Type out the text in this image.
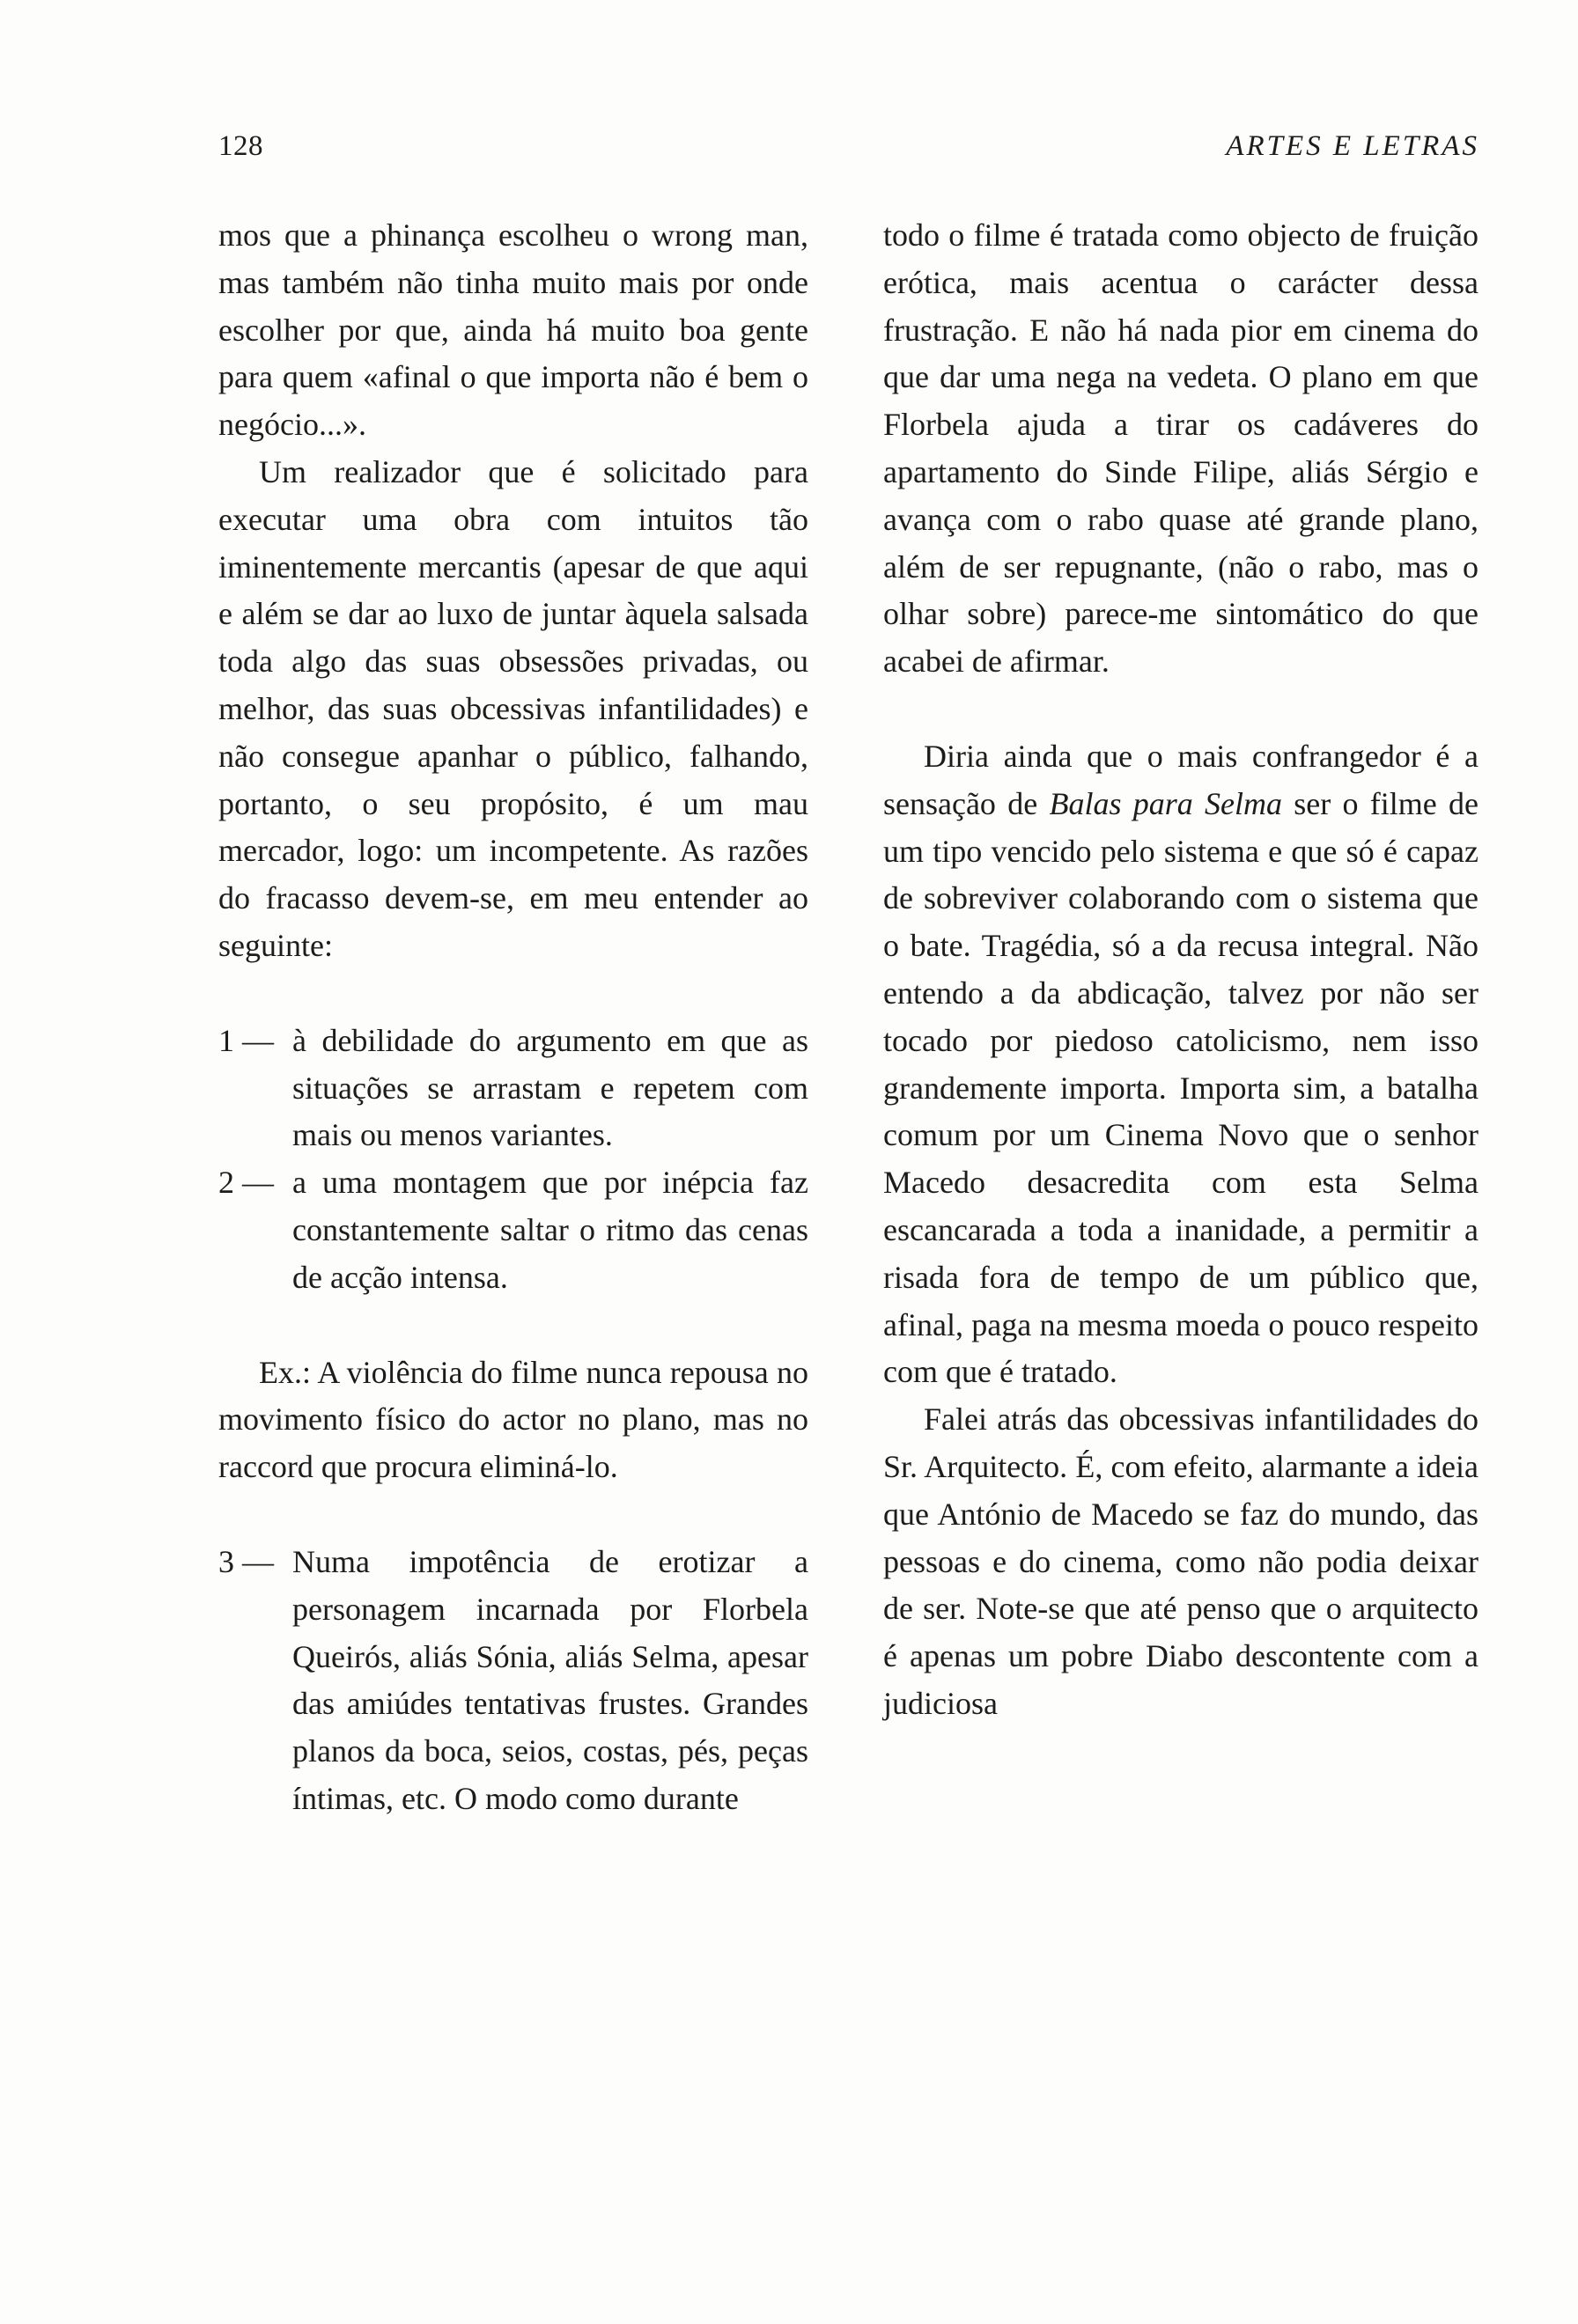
128	ARTES E LETRAS

mos que a phinança escolheu o wrong man, mas também não tinha muito mais por onde escolher por que, ainda há muito boa gente para quem «afinal o que importa não é bem o negócio...».

Um realizador que é solicitado para executar uma obra com intuitos tão iminentemente mercantis (apesar de que aqui e além se dar ao luxo de juntar àquela salsada toda algo das suas obsessões privadas, ou melhor, das suas obcessivas infantilidades) e não consegue apanhar o público, falhando, portanto, o seu propósito, é um mau mercador, logo: um incompetente. As razões do fracasso devem-se, em meu entender ao seguinte:

1 — à debilidade do argumento em que as situações se arrastam e repetem com mais ou menos variantes.
2 — a uma montagem que por inépcia faz constantemente saltar o ritmo das cenas de acção intensa.

Ex.: A violência do filme nunca repousa no movimento físico do actor no plano, mas no raccord que procura eliminá-lo.

3 — Numa impotência de erotizar a personagem incarnada por Florbela Queirós, aliás Sónia, aliás Selma, apesar das amiúdes tentativas frustes. Grandes planos da boca, seios, costas, pés, peças íntimas, etc. O modo como durante

todo o filme é tratada como objecto de fruição erótica, mais acentua o carácter dessa frustração. E não há nada pior em cinema do que dar uma nega na vedeta. O plano em que Florbela ajuda a tirar os cadáveres do apartamento do Sinde Filipe, aliás Sérgio e avança com o rabo quase até grande plano, além de ser repugnante, (não o rabo, mas o olhar sobre) parece-me sintomático do que acabei de afirmar.

Diria ainda que o mais confrangedor é a sensação de Balas para Selma ser o filme de um tipo vencido pelo sistema e que só é capaz de sobreviver colaborando com o sistema que o bate. Tragédia, só a da recusa integral. Não entendo a da abdicação, talvez por não ser tocado por piedoso catolicismo, nem isso grandemente importa. Importa sim, a batalha comum por um Cinema Novo que o senhor Macedo desacredita com esta Selma escancarada a toda a inanidade, a permitir a risada fora de tempo de um público que, afinal, paga na mesma moeda o pouco respeito com que é tratado.

Falei atrás das obcessivas infantilidades do Sr. Arquitecto. É, com efeito, alarmante a ideia que António de Macedo se faz do mundo, das pessoas e do cinema, como não podia deixar de ser. Note-se que até penso que o arquitecto é apenas um pobre Diabo descontente com a judiciosa
